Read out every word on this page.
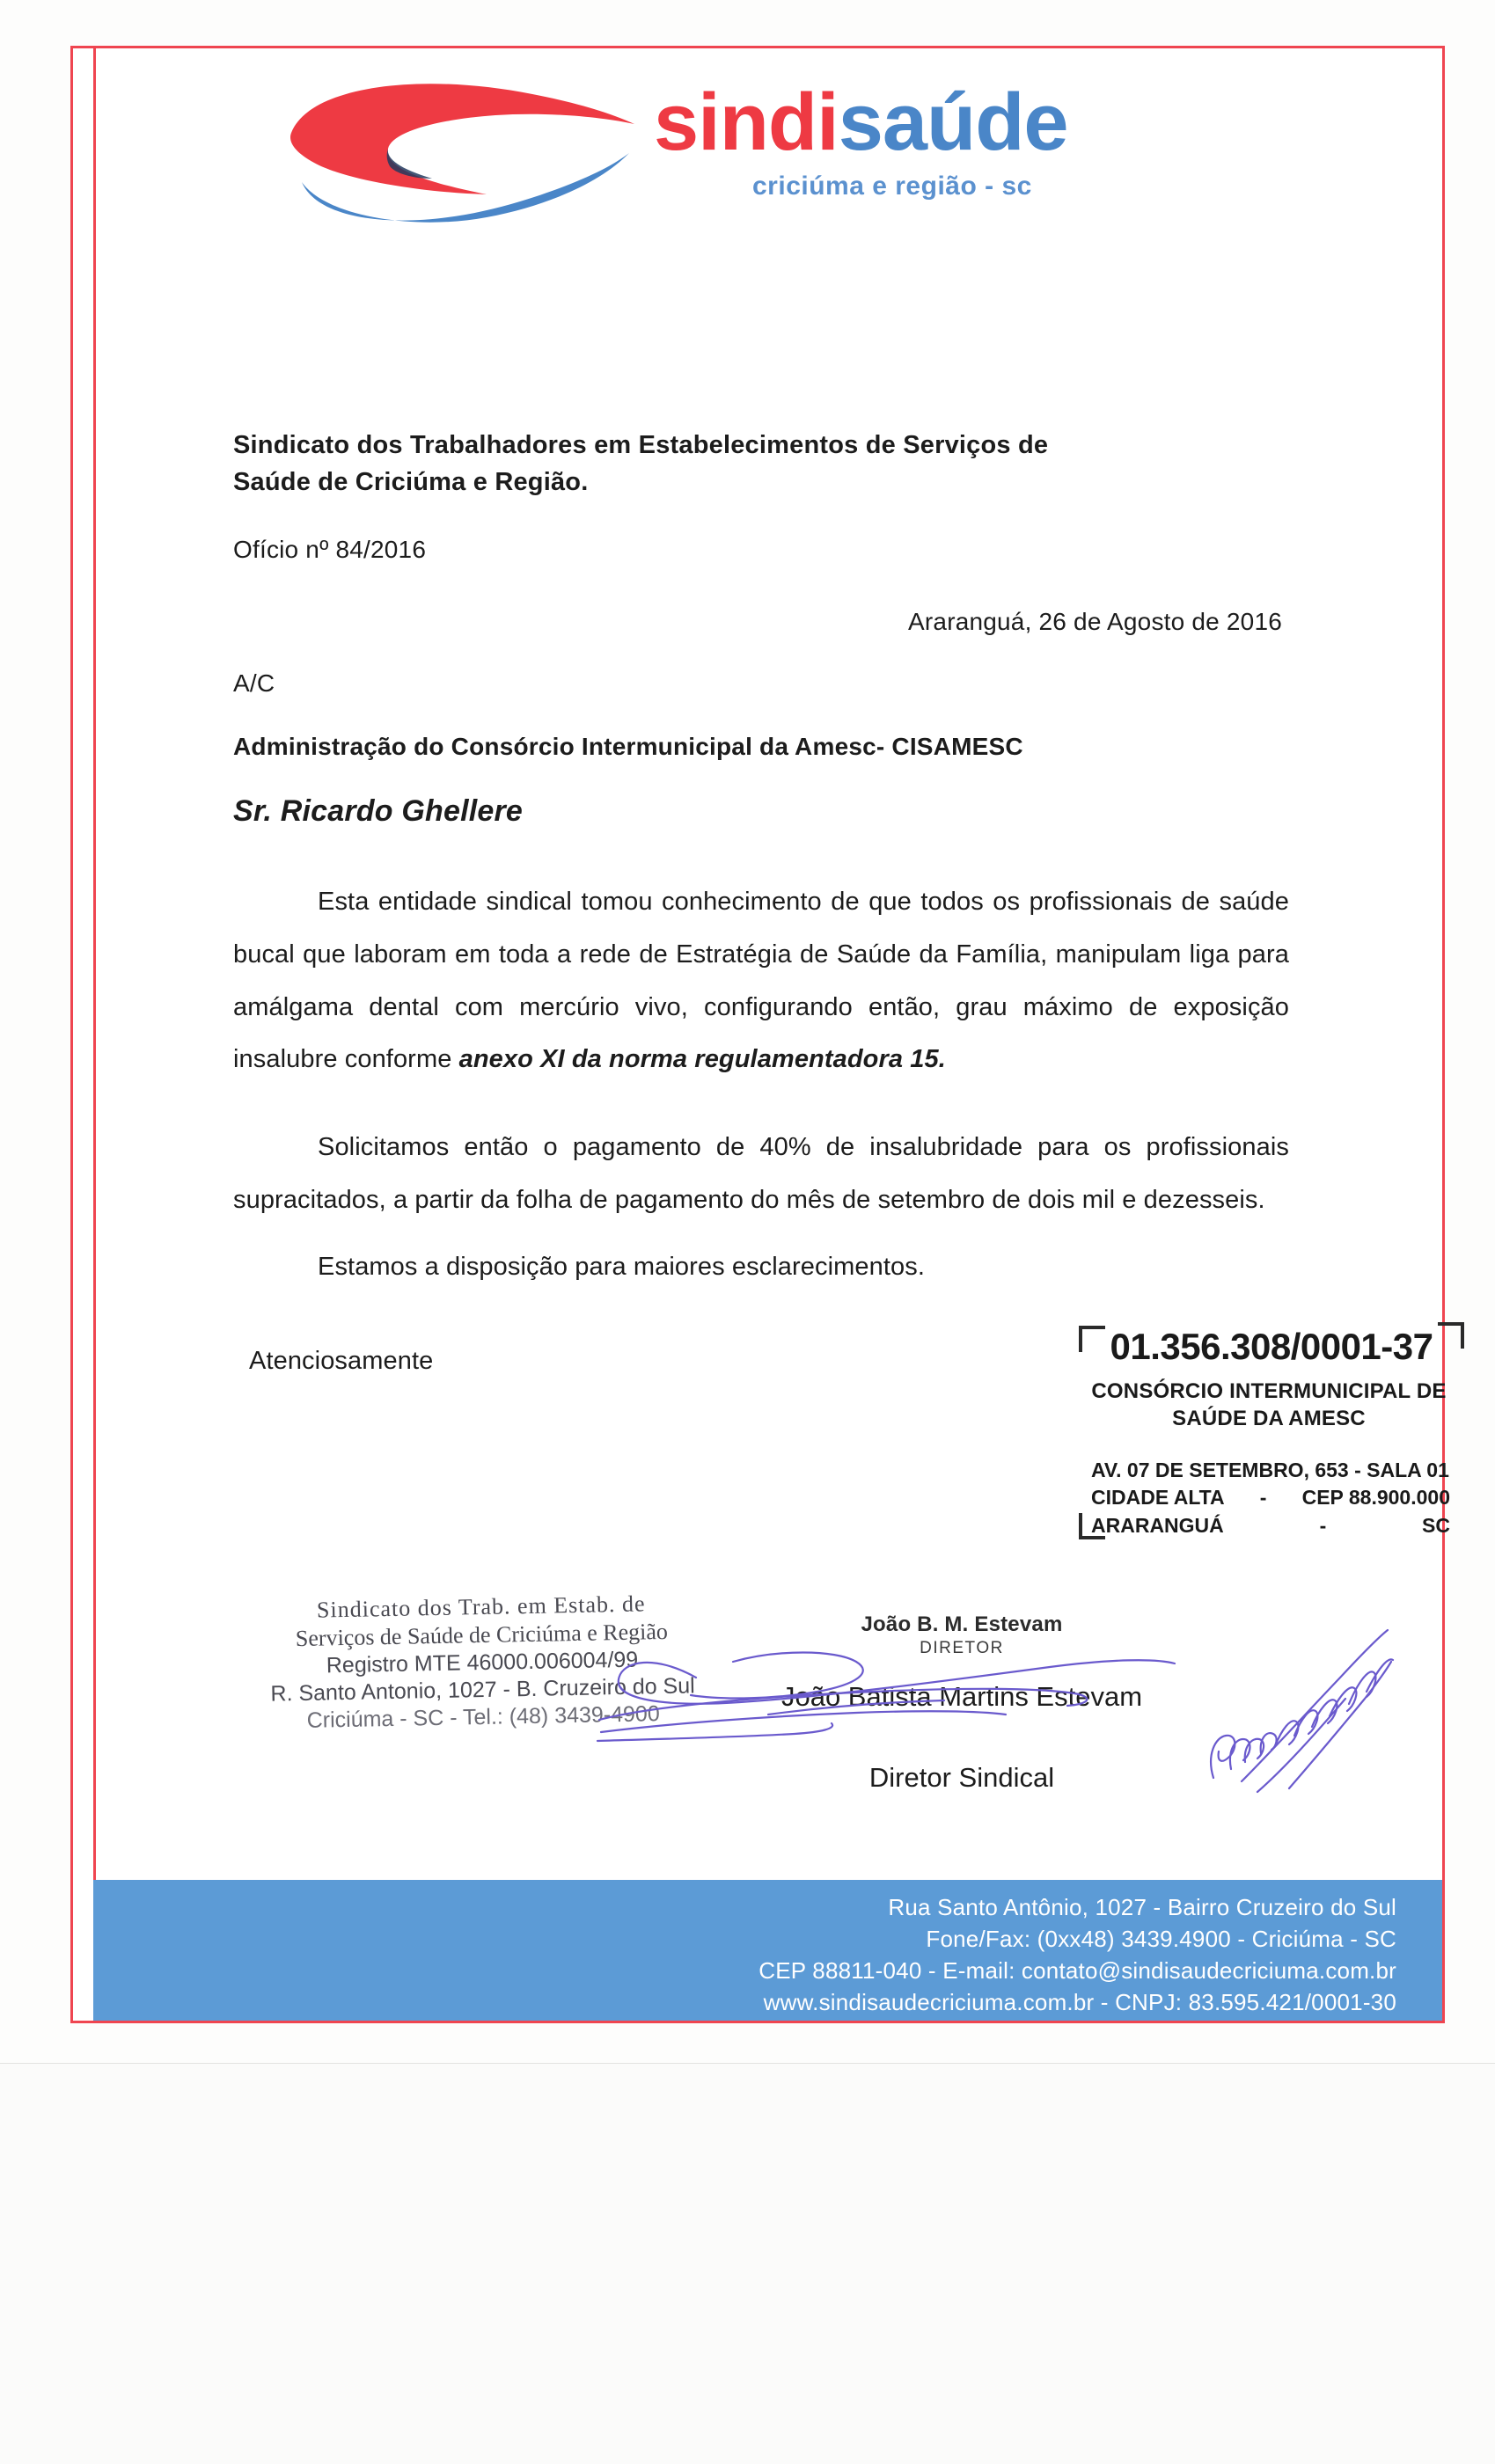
sindisaúde
criciúma e região - sc
Sindicato dos Trabalhadores em Estabelecimentos de Serviços de
Saúde de Criciúma e Região.
Ofício nº 84/2016
Araranguá, 26 de Agosto de 2016
A/C
Administração do Consórcio Intermunicipal da Amesc- CISAMESC
Sr. Ricardo Ghellere

Esta entidade sindical tomou conhecimento de que todos os profissionais de saúde bucal que laboram em toda a rede de Estratégia de Saúde da Família, manipulam liga para amálgama dental com mercúrio vivo, configurando então, grau máximo de exposição insalubre conforme anexo XI da norma regulamentadora 15.

Solicitamos então o pagamento de 40% de insalubridade para os profissionais supracitados, a partir da folha de pagamento do mês de setembro de dois mil e dezesseis.

Estamos a disposição para maiores esclarecimentos.
Atenciosamente	01.356.308/0001-37
CONSÓRCIO INTERMUNICIPAL DE
SAÚDE DA AMESC
AV. 07 DE SETEMBRO, 653 - SALA 01
CIDADE ALTA - CEP 88.900.000
ARARANGUÁ	-	SC
Sindicato dos Trab. em Estab. de
Serviços de Saúde de Criciúma e Região
Registro MTE 46000.006004/99
R. Santo Antonio, 1027 - B. Cruzeiro do Sul
Criciúma - SC - Tel.: (48) 3439-4900
João B. M. Estevam
DIRETOR
João Batista Martins Estevam
Diretor Sindical
Rua Santo Antônio, 1027 - Bairro Cruzeiro do Sul
Fone/Fax: (0xx48) 3439.4900 - Criciúma - SC
CEP 88811-040 - E-mail: contato@sindisaudecriciuma.com.br
www.sindisaudecriciuma.com.br - CNPJ: 83.595.421/0001-30
